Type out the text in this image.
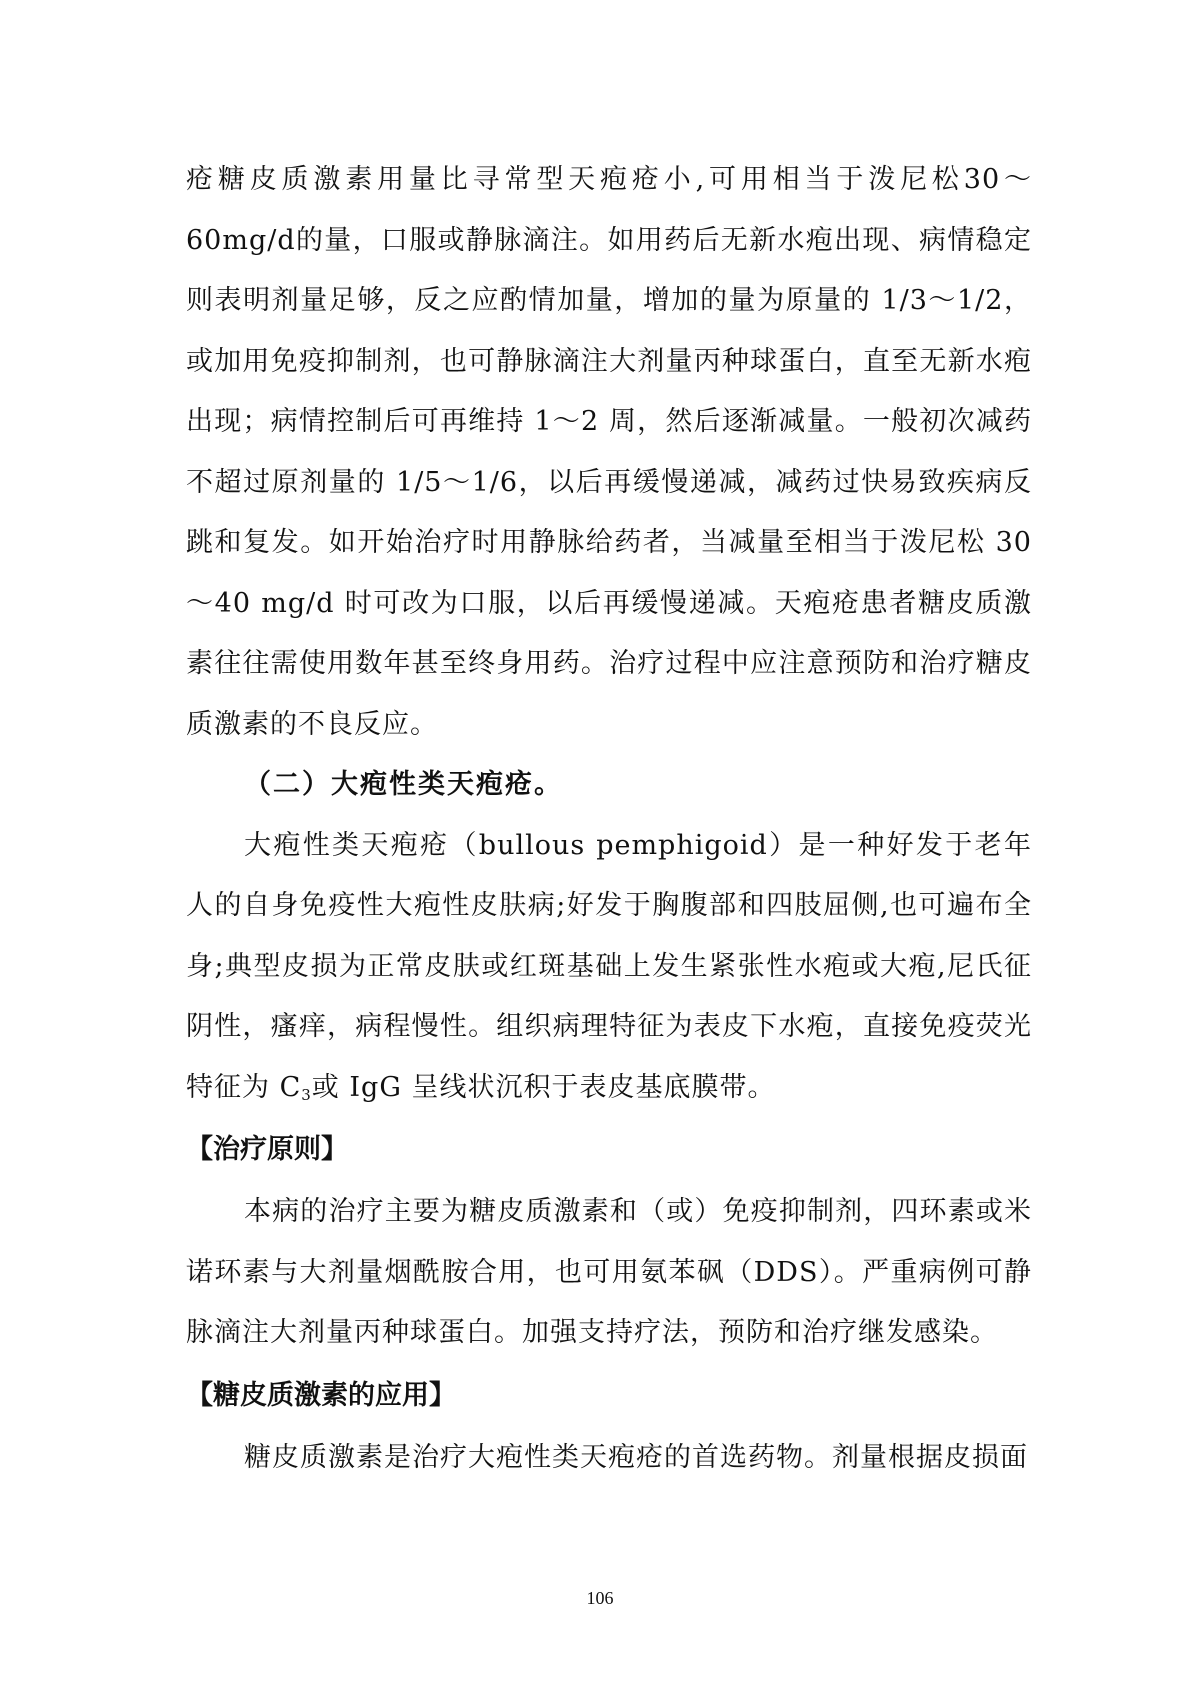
疮糖皮质激素用量比寻常型天疱疮小,可用相当于泼尼松30～60mg/d的量，口服或静脉滴注。如用药后无新水疱出现、病情稳定则表明剂量足够，反之应酌情加量，增加的量为原量的 1/3～1/2，或加用免疫抑制剂，也可静脉滴注大剂量丙种球蛋白，直至无新水疱出现；病情控制后可再维持 1～2 周，然后逐渐减量。一般初次减药不超过原剂量的 1/5～1/6，以后再缓慢递减，减药过快易致疾病反跳和复发。如开始治疗时用静脉给药者，当减量至相当于泼尼松 30～40 mg/d 时可改为口服，以后再缓慢递减。天疱疮患者糖皮质激素往往需使用数年甚至终身用药。治疗过程中应注意预防和治疗糖皮质激素的不良反应。

（二）大疱性类天疱疮。

大疱性类天疱疮（bullous pemphigoid）是一种好发于老年人的自身免疫性大疱性皮肤病;好发于胸腹部和四肢屈侧,也可遍布全身;典型皮损为正常皮肤或红斑基础上发生紧张性水疱或大疱,尼氏征阴性，瘙痒，病程慢性。组织病理特征为表皮下水疱，直接免疫荧光特征为 $C_3$或 IgG 呈线状沉积于表皮基底膜带。

【治疗原则】

本病的治疗主要为糖皮质激素和（或）免疫抑制剂，四环素或米诺环素与大剂量烟酰胺合用，也可用氨苯砜（DDS）。严重病例可静脉滴注大剂量丙种球蛋白。加强支持疗法，预防和治疗继发感染。

【糖皮质激素的应用】

糖皮质激素是治疗大疱性类天疱疮的首选药物。剂量根据皮损面

106
